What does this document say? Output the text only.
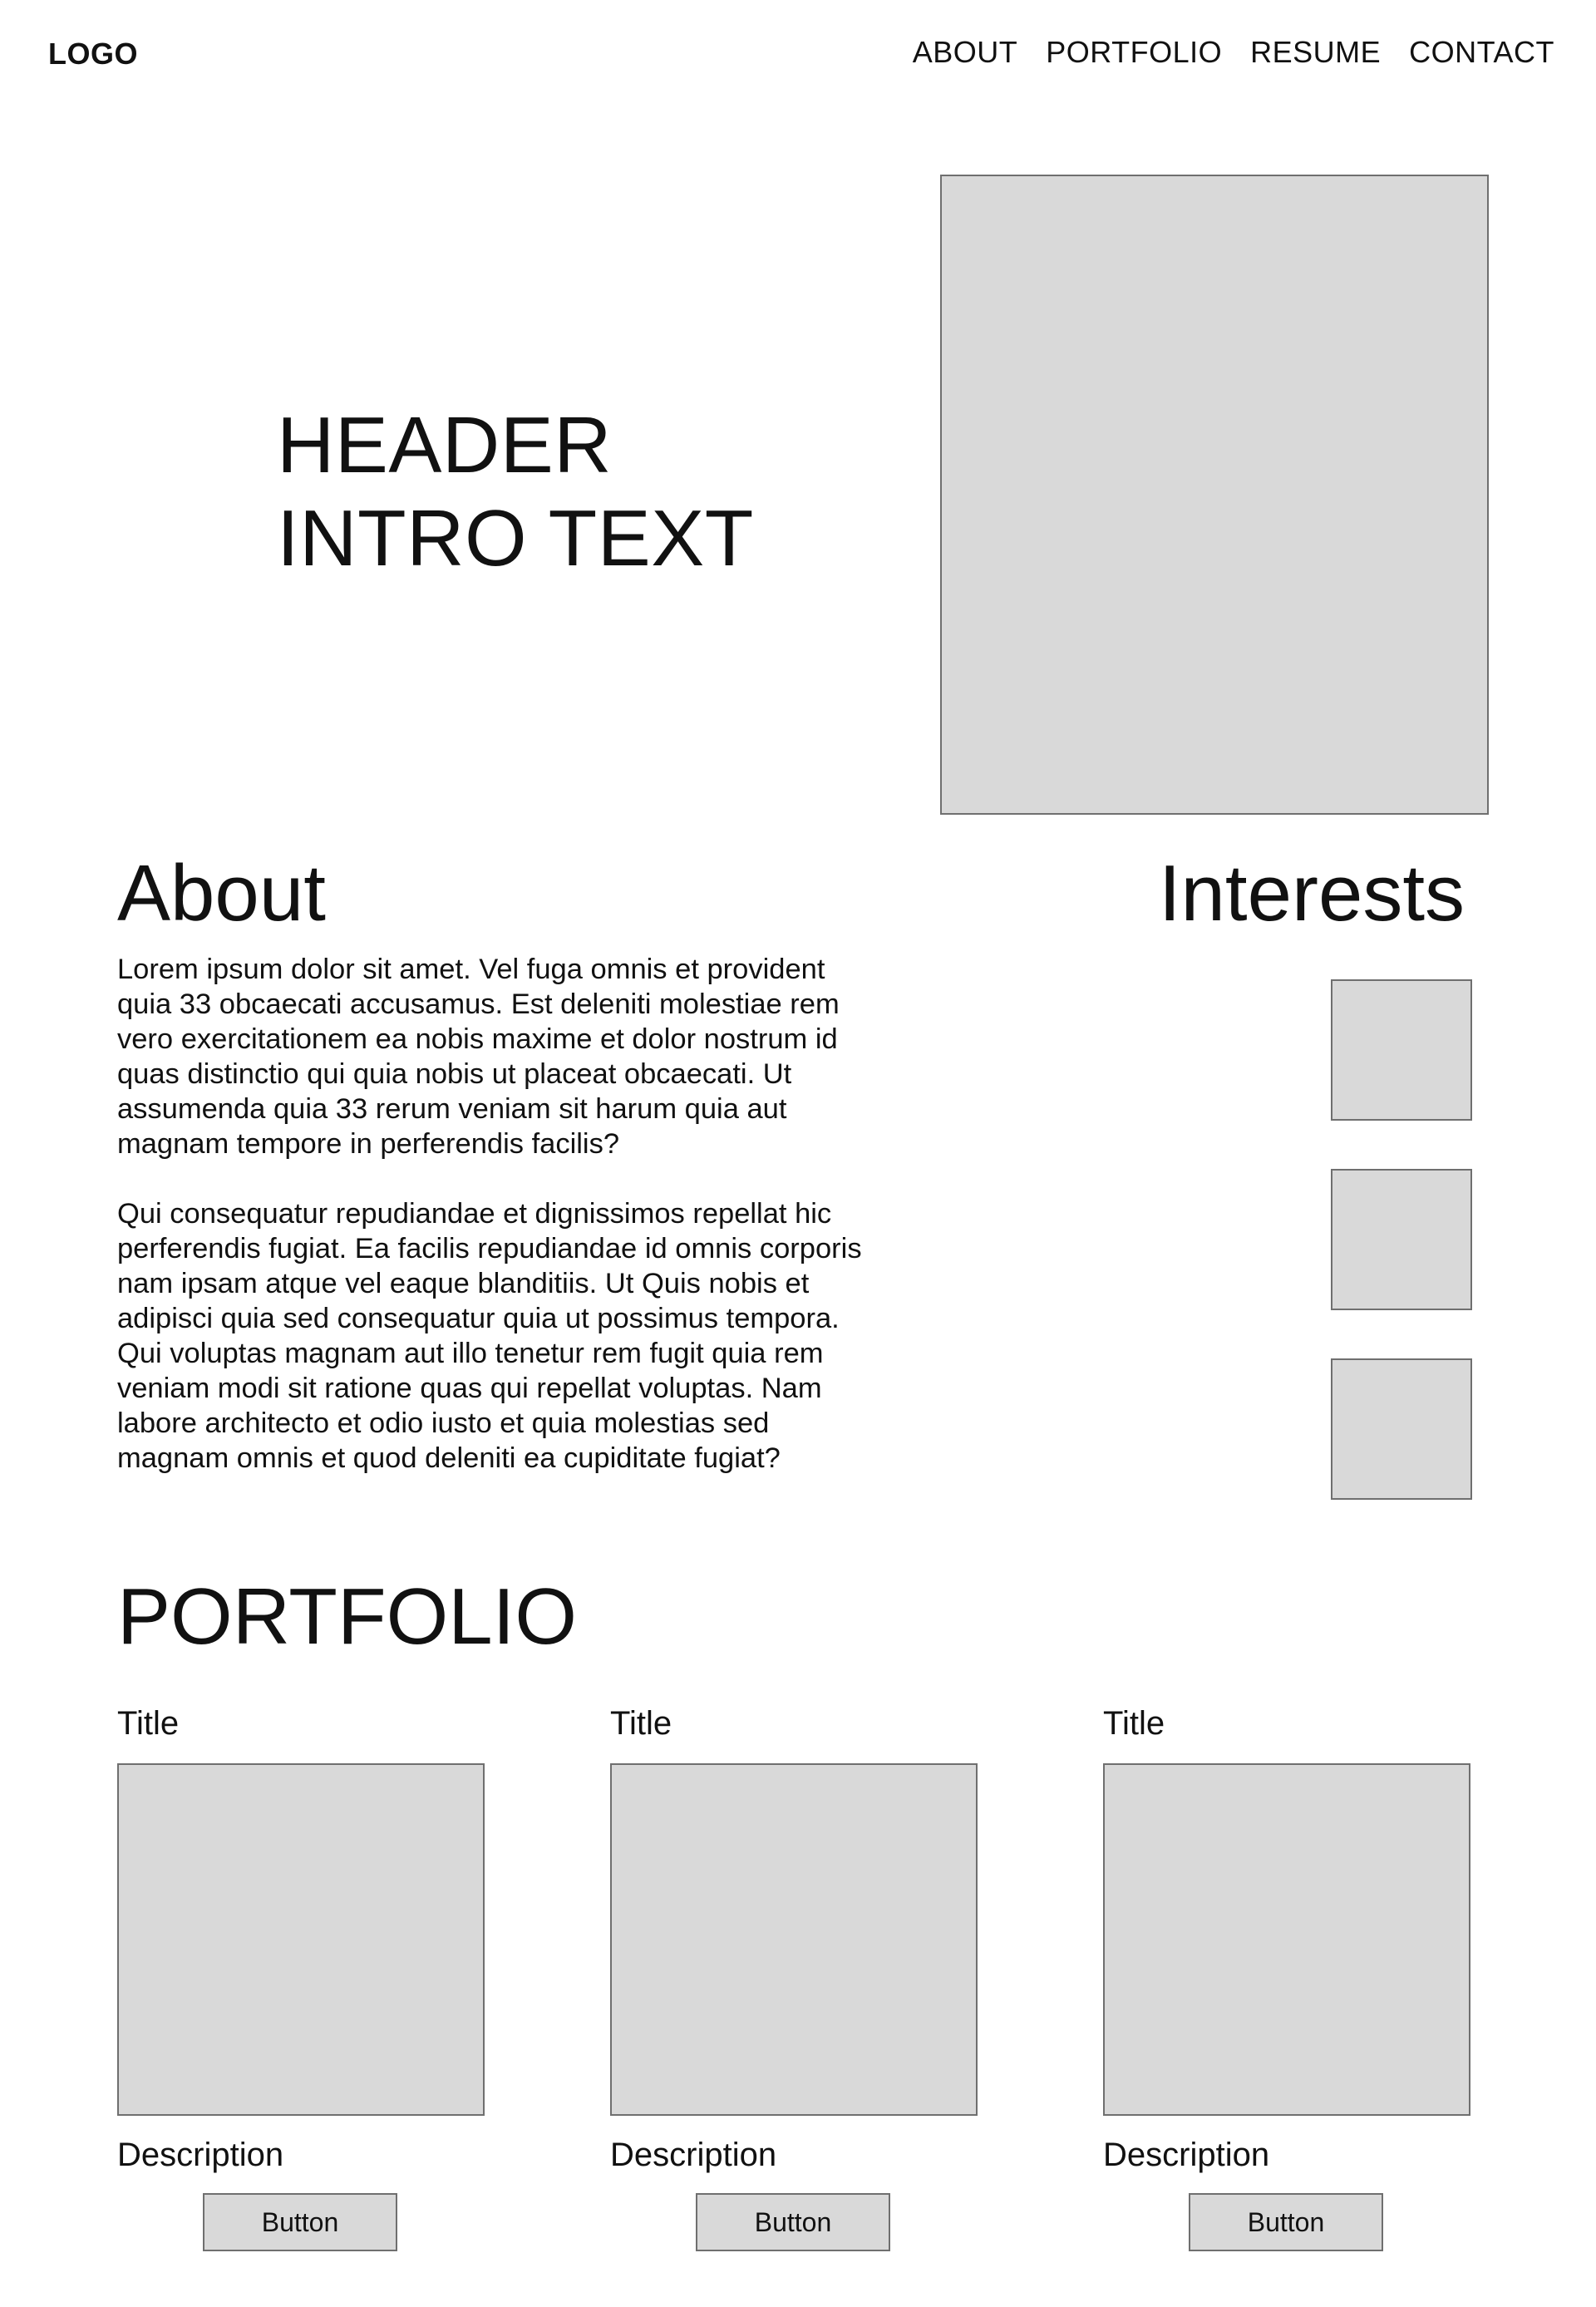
LOGO	ABOUT PORTFOLIO RESUME CONTACT
HEADER
INTRO TEXT
About

Lorem ipsum dolor sit amet. Vel fuga omnis et provident quia 33 obcaecati accusamus. Est deleniti molestiae rem vero exercitationem ea nobis maxime et dolor nostrum id quas distinctio qui quia nobis ut placeat obcaecati. Ut assumenda quia 33 rerum veniam sit harum quia aut magnam tempore in perferendis facilis?

Qui consequatur repudiandae et dignissimos repellat hic perferendis fugiat. Ea facilis repudiandae id omnis corporis nam ipsam atque vel eaque blanditiis. Ut Quis nobis et adipisci quia sed consequatur quia ut possimus tempora.

Qui voluptas magnam aut illo tenetur rem fugit quia rem veniam modi sit ratione quas qui repellat voluptas. Nam labore architecto et odio iusto et quia molestias sed magnam omnis et quod deleniti ea cupiditate fugiat?

Interests
PORTFOLIO
Title
Description
Button
Title
Description
Button
Title
Description
Button
